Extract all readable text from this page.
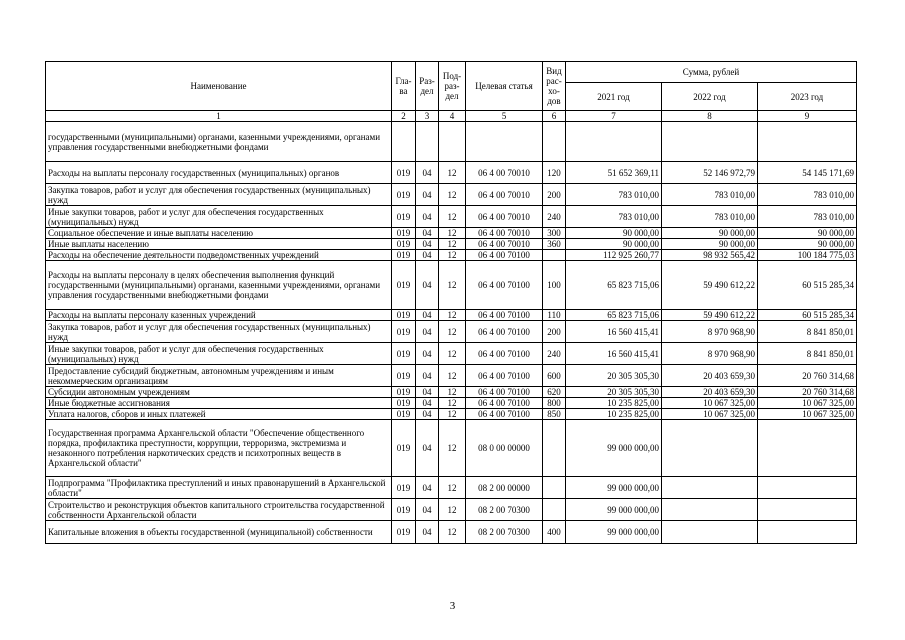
Наименование	Гла-ва	Раз-дел	Под-раз-дел	Целевая статья	Вид рас-хо-дов	Сумма, рублей		
						2021 год	2022 год	2023 год
1	2	3	4	5	6	7	8	9
государственными (муниципальными) органами, казенными учреждениями, органами управления государственными внебюджетными фондами								
Расходы на выплаты персоналу государственных (муниципальных) органов	019	04	12	06 4 00 70010	120	51 652 369,11	52 146 972,79	54 145 171,69
Закупка товаров, работ и услуг для обеспечения государственных (муниципальных) нужд	019	04	12	06 4 00 70010	200	783 010,00	783 010,00	783 010,00
Иные закупки товаров, работ и услуг для обеспечения государственных (муниципальных) нужд	019	04	12	06 4 00 70010	240	783 010,00	783 010,00	783 010,00
Социальное обеспечение и иные выплаты населению	019	04	12	06 4 00 70010	300	90 000,00	90 000,00	90 000,00
Иные выплаты населению	019	04	12	06 4 00 70010	360	90 000,00	90 000,00	90 000,00
Расходы на обеспечение деятельности подведомственных учреждений	019	04	12	06 4 00 70100		112 925 260,77	98 932 565,42	100 184 775,03
Расходы на выплаты персоналу в целях обеспечения выполнения функций государственными (муниципальными) органами, казенными учреждениями, органами управления государственными внебюджетными фондами	019	04	12	06 4 00 70100	100	65 823 715,06	59 490 612,22	60 515 285,34
Расходы на выплаты персоналу казенных учреждений	019	04	12	06 4 00 70100	110	65 823 715,06	59 490 612,22	60 515 285,34
Закупка товаров, работ и услуг для обеспечения государственных (муниципальных) нужд	019	04	12	06 4 00 70100	200	16 560 415,41	8 970 968,90	8 841 850,01
Иные закупки товаров, работ и услуг для обеспечения государственных (муниципальных) нужд	019	04	12	06 4 00 70100	240	16 560 415,41	8 970 968,90	8 841 850,01
Предоставление субсидий бюджетным, автономным учреждениям и иным некоммерческим организациям	019	04	12	06 4 00 70100	600	20 305 305,30	20 403 659,30	20 760 314,68
Субсидии автономным учреждениям	019	04	12	06 4 00 70100	620	20 305 305,30	20 403 659,30	20 760 314,68
Иные бюджетные ассигнования	019	04	12	06 4 00 70100	800	10 235 825,00	10 067 325,00	10 067 325,00
Уплата налогов, сборов и иных платежей	019	04	12	06 4 00 70100	850	10 235 825,00	10 067 325,00	10 067 325,00
Государственная программа Архангельской области "Обеспечение общественного порядка, профилактика преступности, коррупции, терроризма, экстремизма и незаконного потребления наркотических средств и психотропных веществ в Архангельской области"	019	04	12	08 0 00 00000		99 000 000,00		
Подпрограмма "Профилактика преступлений и иных правонарушений в Архангельской области"	019	04	12	08 2 00 00000		99 000 000,00		
Строительство и реконструкция объектов капитального строительства государственной собственности Архангельской области	019	04	12	08 2 00 70300		99 000 000,00		
Капитальные вложения в объекты государственной (муниципальной) собственности	019	04	12	08 2 00 70300	400	99 000 000,00		
3
